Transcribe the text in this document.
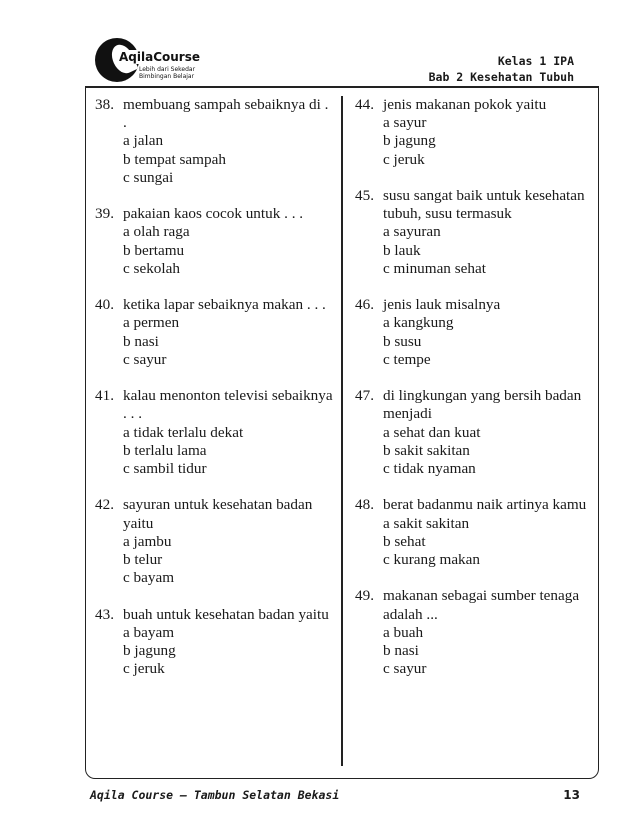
AqilaCourse
Lebih dari Sekedar
Bimbingan Belajar
Kelas 1 IPA
Bab 2 Kesehatan Tubuh
38. membuang sampah sebaiknya di . .
a jalan
b tempat sampah
c sungai
39. pakaian kaos cocok untuk . . .
a olah raga
b bertamu
c sekolah
40. ketika lapar sebaiknya makan . . .
a permen
b nasi
c sayur
41. kalau menonton televisi sebaiknya . . .
a tidak terlalu dekat
b terlalu lama
c sambil tidur
42. sayuran untuk kesehatan badan yaitu
a jambu
b telur
c bayam
43. buah untuk kesehatan badan yaitu
a bayam
b jagung
c jeruk
44. jenis makanan pokok yaitu
a sayur
b jagung
c jeruk
45. susu sangat baik untuk kesehatan tubuh, susu termasuk
a sayuran
b lauk
c minuman sehat
46. jenis lauk misalnya
a kangkung
b susu
c tempe
47. di lingkungan yang bersih badan menjadi
a sehat dan kuat
b sakit sakitan
c tidak nyaman
48. berat badanmu naik artinya kamu
a sakit sakitan
b sehat
c kurang makan
49. makanan sebagai sumber tenaga adalah ...
a buah
b nasi
c sayur
Aqila Course – Tambun Selatan Bekasi	13
